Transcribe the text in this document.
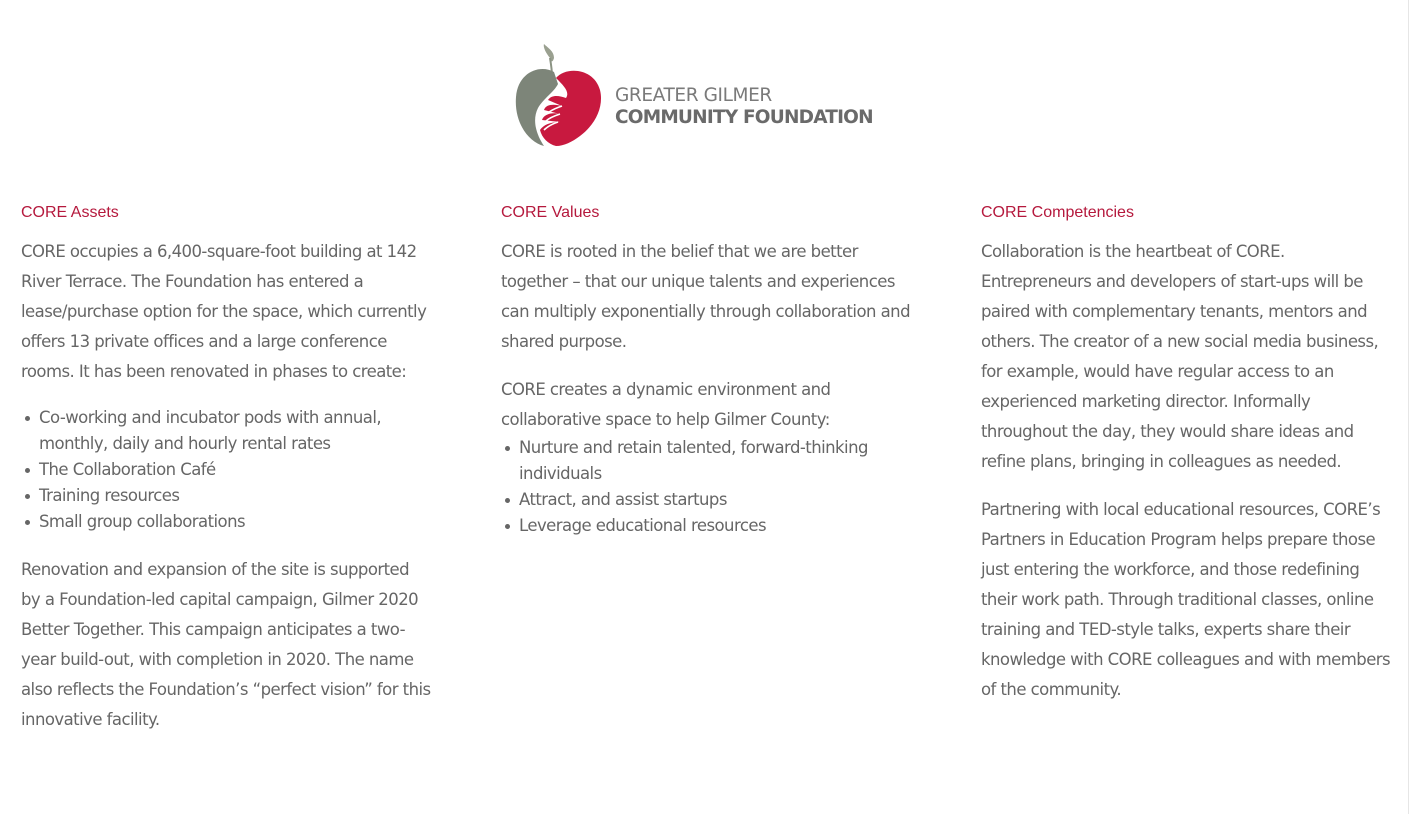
GREATER GILMER
COMMUNITY FOUNDATION
CORE Assets

CORE occupies a 6,400-square-foot building at 142 River Terrace. The Foundation has entered a lease/purchase option for the space, which currently offers 13 private offices and a large conference rooms. It has been renovated in phases to create:

Co-working and incubator pods with annual, monthly, daily and hourly rental rates
The Collaboration Café
Training resources
Small group collaborations

Renovation and expansion of the site is supported by a Foundation-led capital campaign, Gilmer 2020 Better Together. This campaign anticipates a two-year build-out, with completion in 2020. The name also reflects the Foundation’s “perfect vision” for this innovative facility.

CORE Values

CORE is rooted in the belief that we are better together – that our unique talents and experiences can multiply exponentially through collaboration and shared purpose.

CORE creates a dynamic environment and collaborative space to help Gilmer County:

Nurture and retain talented, forward-thinking individuals
Attract, and assist startups
Leverage educational resources
CORE Competencies

Collaboration is the heartbeat of CORE. Entrepreneurs and developers of start-ups will be paired with complementary tenants, mentors and others. The creator of a new social media business, for example, would have regular access to an experienced marketing director. Informally throughout the day, they would share ideas and refine plans, bringing in colleagues as needed.

Partnering with local educational resources, CORE’s Partners in Education Program helps prepare those just entering the workforce, and those redefining their work path. Through traditional classes, online training and TED-style talks, experts share their knowledge with CORE colleagues and with members of the community.
